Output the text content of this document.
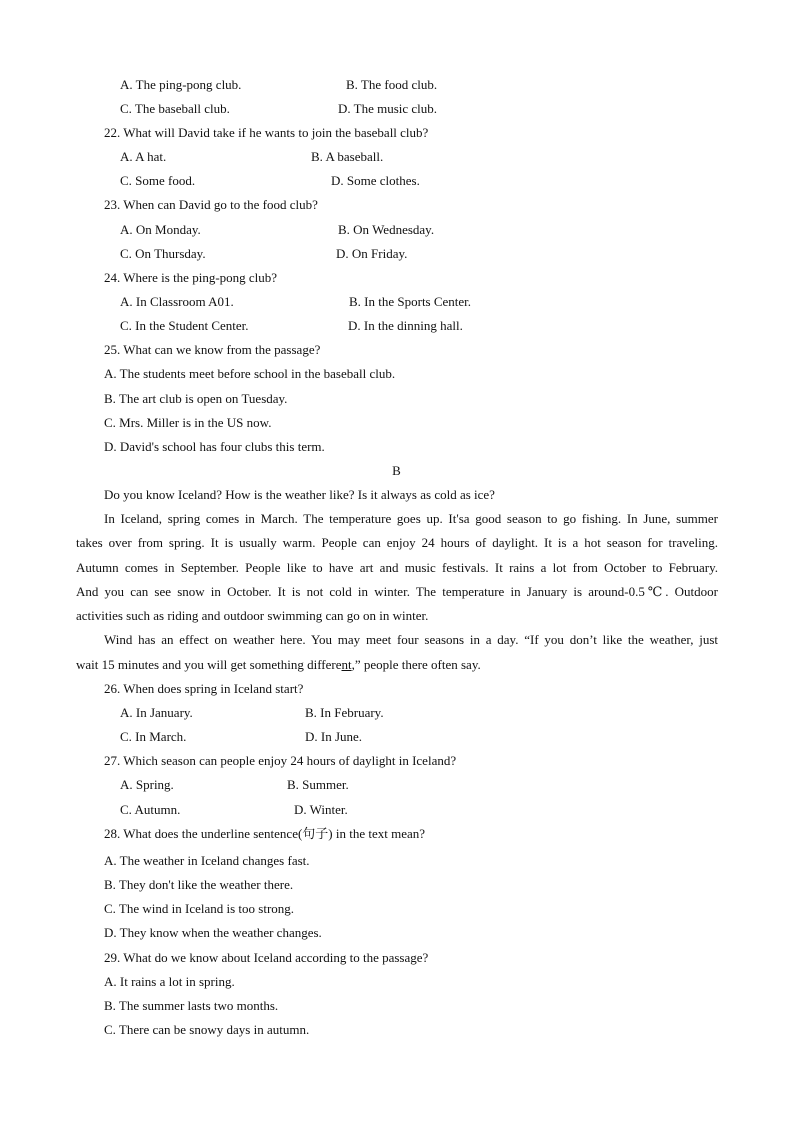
A. The ping-pong club.	B. The food club.
C. The baseball club.	D. The music club.
22. What will David take if he wants to join the baseball club?
A. A hat.	B. A baseball.
C. Some food.	D. Some clothes.
23. When can David go to the food club?
A. On Monday.	B. On Wednesday.
C. On Thursday.	D. On Friday.
24. Where is the ping-pong club?
A. In Classroom A01.	B. In the Sports Center.
C. In the Student Center.	D. In the dinning hall.
25. What can we know from the passage?
A. The students meet before school in the baseball club.
B. The art club is open on Tuesday.
C. Mrs. Miller is in the US now.
D. David's school has four clubs this term.
B
Do you know Iceland? How is the weather like? Is it always as cold as ice?
In Iceland, spring comes in March. The temperature goes up. It'sa good season to go fishing. In June, summer
takes over from spring. It is usually warm. People can enjoy 24 hours of daylight. It is a hot season for traveling.
Autumn comes in September. People like to have art and music festivals. It rains a lot from October to February.
And you can see snow in October. It is not cold in winter. The temperature in January is around-0.5℃. Outdoor
activities such as riding and outdoor swimming can go on in winter.
Wind has an effect on weather here. You may meet four seasons in a day. “If you don’t like the weather, just
wait 15 minutes and you will get something different,” people there often say.
26. When does spring in Iceland start?
A. In January.	B. In February.
C. In March.	D. In June.
27. Which season can people enjoy 24 hours of daylight in Iceland?
A. Spring.	B. Summer.
C. Autumn.	D. Winter.
28. What does the underline sentence(句子) in the text mean?
A. The weather in Iceland changes fast.
B. They don't like the weather there.
C. The wind in Iceland is too strong.
D. They know when the weather changes.
29. What do we know about Iceland according to the passage?
A. It rains a lot in spring.
B. The summer lasts two months.
C. There can be snowy days in autumn.
